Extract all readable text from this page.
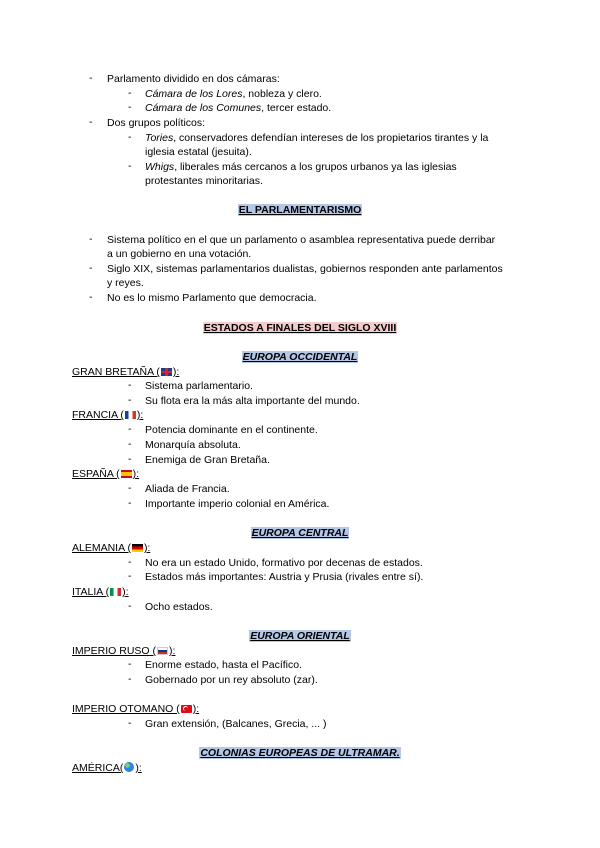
- Parlamento dividido en dos cámaras:
- Cámara de los Lores, nobleza y clero.
- Cámara de los Comunes, tercer estado.
- Dos grupos políticos:
- Tories, conservadores defendían intereses de los propietarios tirantes y la
iglesia estatal (jesuita).
- Whigs, liberales más cercanos a los grupos urbanos ya las iglesias
protestantes minoritarias.
EL PARLAMENTARISMO
- Sistema político en el que un parlamento o asamblea representativa puede derribar
a un gobierno en una votación.
- Siglo XIX, sistemas parlamentarios dualistas, gobiernos responden ante parlamentos
y reyes.
- No es lo mismo Parlamento que democracia.
ESTADOS A FINALES DEL SIGLO XVIII
EUROPA OCCIDENTAL
GRAN BRETAÑA ( ):
- Sistema parlamentario.
- Su flota era la más alta importante del mundo.
FRANCIA ( ):
- Potencia dominante en el continente.
- Monarquía absoluta.
- Enemiga de Gran Bretaña.
ESPAÑA ( ):
- Aliada de Francia.
- Importante imperio colonial en América.
EUROPA CENTRAL
ALEMANIA ( ):
- No era un estado Unido, formativo por decenas de estados.
- Estados más importantes: Austria y Prusia (rivales entre sí).
ITALIA ( ):
- Ocho estados.
EUROPA ORIENTAL
IMPERIO RUSO ( ):
- Enorme estado, hasta el Pacífico.
- Gobernado por un rey absoluto (zar).
IMPERIO OTOMANO ( ):
- Gran extensión, (Balcanes, Grecia, ... )
COLONIAS EUROPEAS DE ULTRAMAR.
AMÉRICA( ):
